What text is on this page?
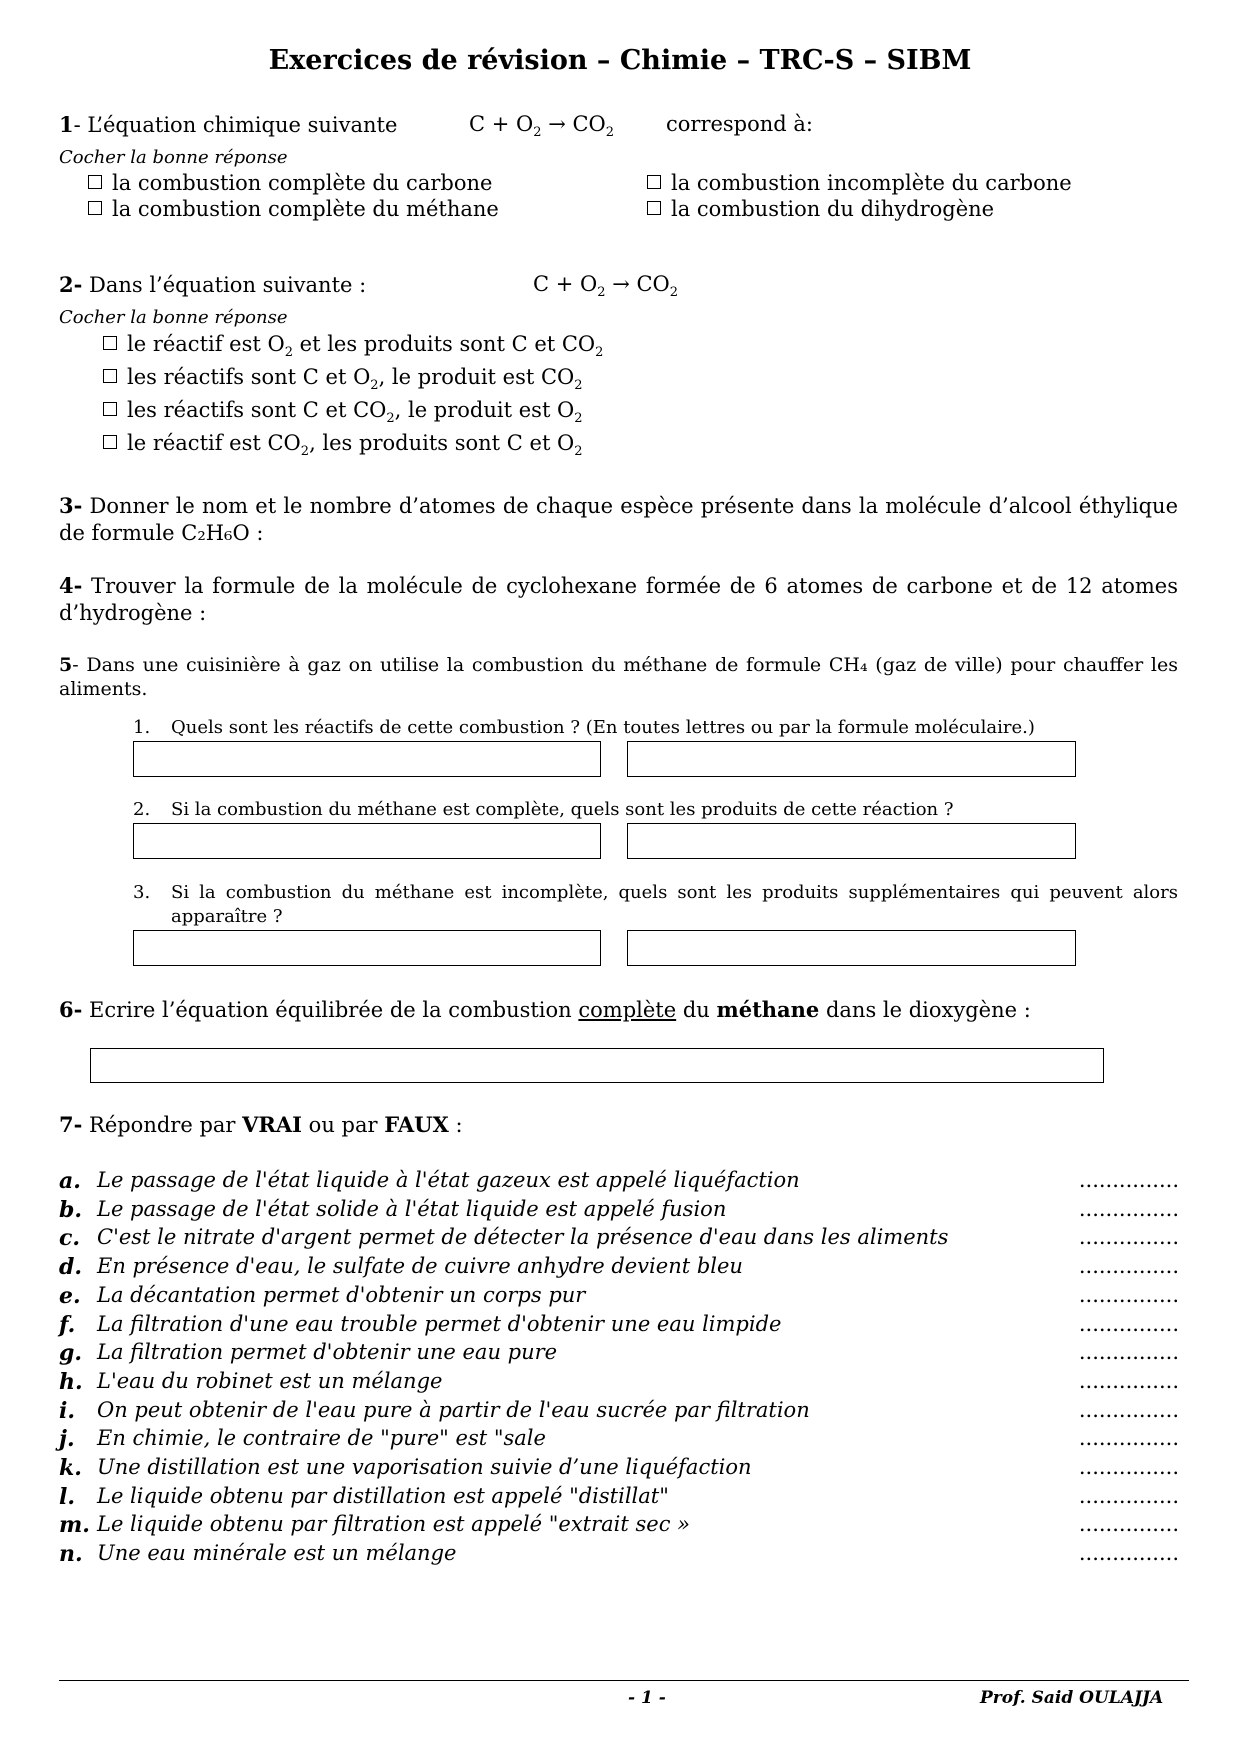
Exercices de révision – Chimie – TRC-S – SIBM
1- L’équation chimique suivante	$C + O_2 \to CO_2$ correspond à:
Cocher la bonne réponse
la combustion complète du carbone	la combustion incomplète du carbone
la combustion complète du méthane	la combustion du dihydrogène
2- Dans l’équation suivante :	$C + O_2 \to CO_2$
Cocher la bonne réponse
le réactif est $O_2$ et les produits sont C et $CO_2$
les réactifs sont C et $O_2$, le produit est $CO_2$
les réactifs sont C et $CO_2$, le produit est $O_2$
le réactif est $CO_2$, les produits sont C et $O_2$
3- Donner le nom et le nombre d’atomes de chaque espèce présente dans la molécule d’alcool éthylique de formule C₂H₆O :
4- Trouver la formule de la molécule de cyclohexane formée de 6 atomes de carbone et de 12 atomes d’hydrogène :
5- Dans une cuisinière à gaz on utilise la combustion du méthane de formule CH₄ (gaz de ville) pour chauffer les aliments.
1. Quels sont les réactifs de cette combustion ? (En toutes lettres ou par la formule moléculaire.)
2. Si la combustion du méthane est complète, quels sont les produits de cette réaction ?
3. Si la combustion du méthane est incomplète, quels sont les produits supplémentaires qui peuvent alors apparaître ?
6- Ecrire l’équation équilibrée de la combustion complète du méthane dans le dioxygène :
7- Répondre par VRAI ou par FAUX :
a. Le passage de l'état liquide à l'état gazeux est appelé liquéfaction	...............
b. Le passage de l'état solide à l'état liquide est appelé fusion	...............
c. C'est le nitrate d'argent permet de détecter la présence d'eau dans les aliments	...............
d. En présence d'eau, le sulfate de cuivre anhydre devient bleu	...............
e. La décantation permet d'obtenir un corps pur	...............
f. La filtration d'une eau trouble permet d'obtenir une eau limpide	...............
g. La filtration permet d'obtenir une eau pure	...............
h. L'eau du robinet est un mélange	...............
i. On peut obtenir de l'eau pure à partir de l'eau sucrée par filtration	...............
j. En chimie, le contraire de "pure" est "sale	...............
k. Une distillation est une vaporisation suivie d’une liquéfaction	...............
l. Le liquide obtenu par distillation est appelé "distillat"	...............
m. Le liquide obtenu par filtration est appelé "extrait sec »	...............
n. Une eau minérale est un mélange	...............
- 1 -	Prof. Said OULAJJA
